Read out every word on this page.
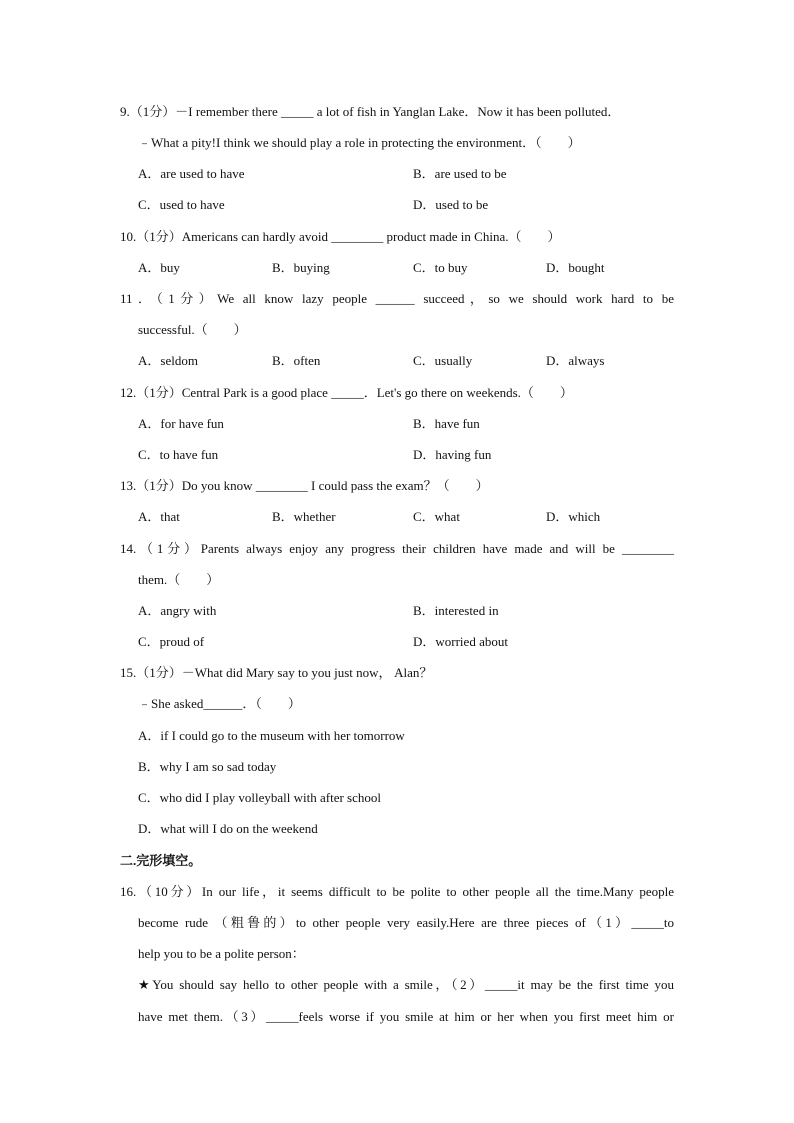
9.（1分）－I remember there _____ a lot of fish in Yanglan Lake．Now it has been polluted．
﹣What a pity!I think we should play a role in protecting the environment．（　　）
A．are used to have	B．are used to be
C．used to have	D．used to be
10.（1分）Americans can hardly avoid ________ product made in China.（　　）
A．buy	B．buying	C．to buy	D．bought
11．（1分）We all know lazy people ______ succeed，so we should work hard to be
successful.（　　）
A．seldom	B．often	C．usually	D．always
12.（1分）Central Park is a good place _____．Let's go there on weekends.（　　）
A．for have fun	B．have fun
C．to have fun	D．having fun
13.（1分）Do you know ________ I could pass the exam？（　　）
A．that	B．whether	C．what	D．which
14.（1分）Parents always enjoy any progress their children have made and will be ________
them.（　　）
A．angry with	B．interested in
C．proud of	D．worried about
15.（1分）－What did Mary say to you just now， Alan？
﹣She asked______．（　　）
A．if I could go to the museum with her tomorrow
B．why I am so sad today
C．who did I play volleyball with after school
D．what will I do on the weekend
二.完形填空。
16.（10分）In our life，it seems difficult to be polite to other people all the time.Many people
become rude （粗鲁的）to other people very easily.Here are three pieces of（1）_____to
help you to be a polite person：
★You should say hello to other people with a smile，（2）_____it may be the first time you
have met them.（3）_____feels worse if you smile at him or her when you first meet him or
